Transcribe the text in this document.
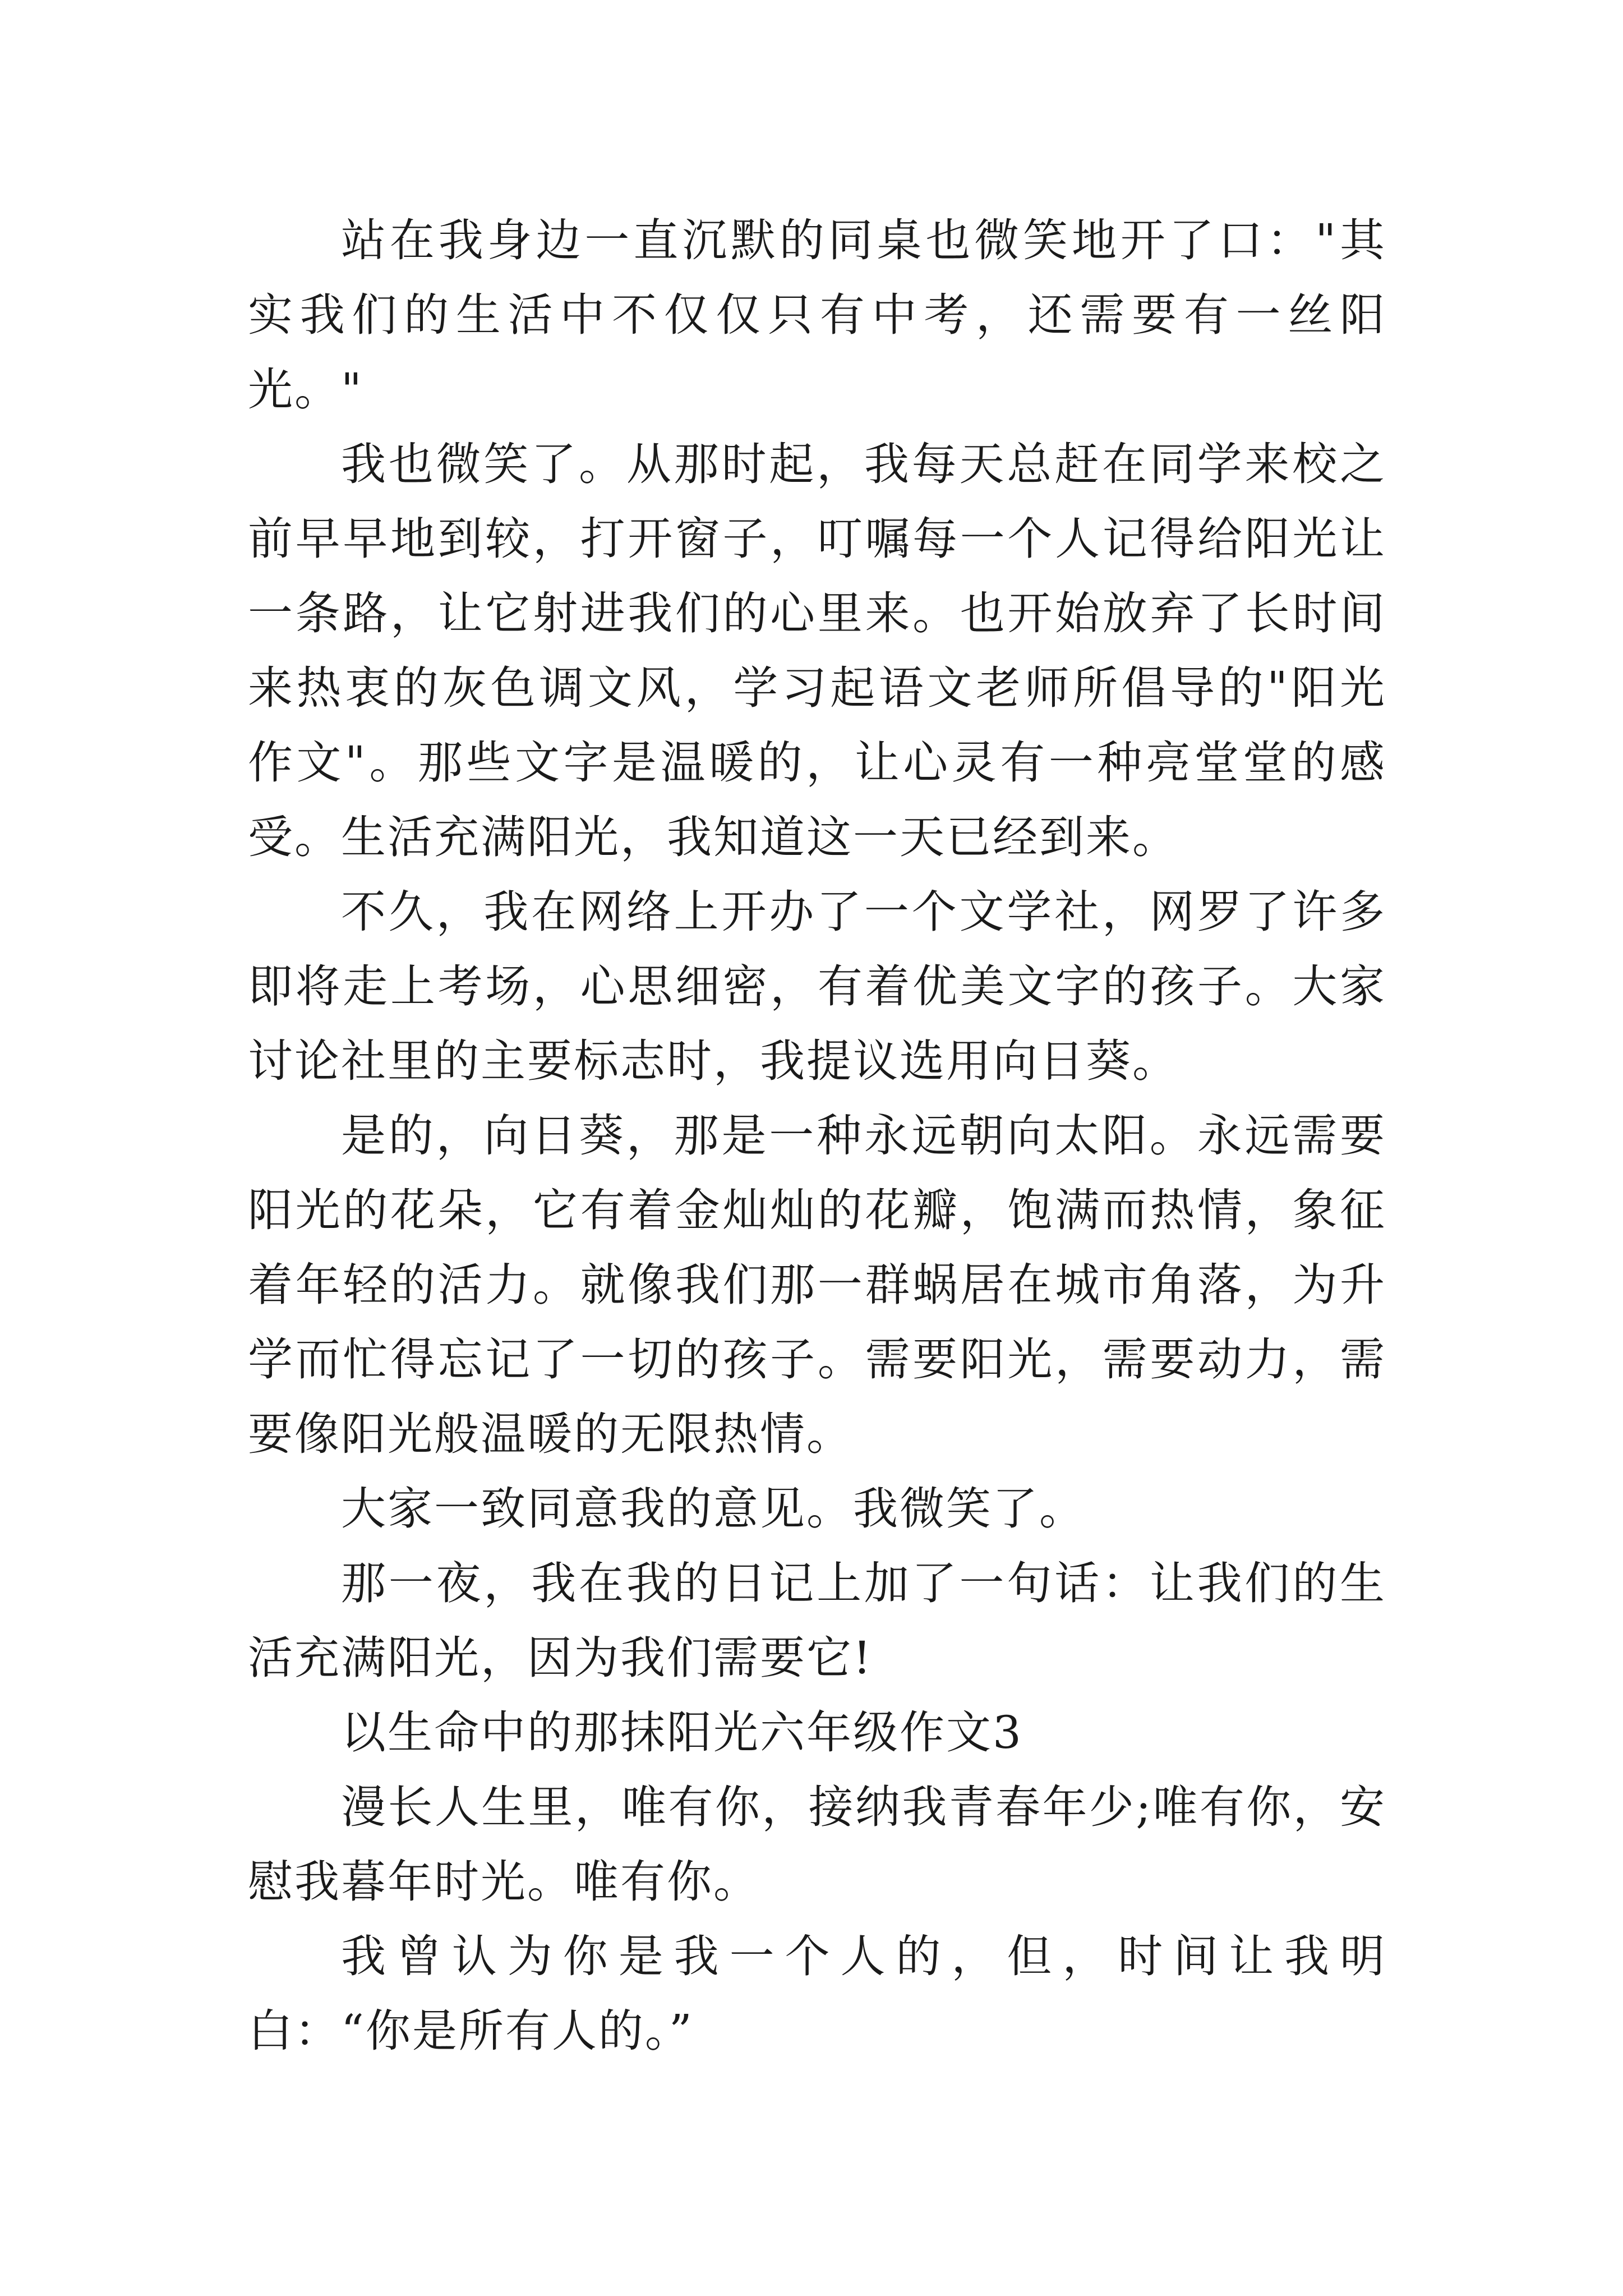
站在我身边一直沉默的同桌也微笑地开了口："其实我们的生活中不仅仅只有中考，还需要有一丝阳光。"

我也微笑了。从那时起，我每天总赶在同学来校之前早早地到较，打开窗子，叮嘱每一个人记得给阳光让一条路，让它射进我们的心里来。也开始放弃了长时间来热衷的灰色调文风，学习起语文老师所倡导的"阳光作文"。那些文字是温暖的，让心灵有一种亮堂堂的感受。生活充满阳光，我知道这一天已经到来。

不久，我在网络上开办了一个文学社，网罗了许多即将走上考场，心思细密，有着优美文字的孩子。大家讨论社里的主要标志时，我提议选用向日葵。

是的，向日葵，那是一种永远朝向太阳。永远需要阳光的花朵，它有着金灿灿的花瓣，饱满而热情，象征着年轻的活力。就像我们那一群蜗居在城市角落，为升学而忙得忘记了一切的孩子。需要阳光，需要动力，需要像阳光般温暖的无限热情。

大家一致同意我的意见。我微笑了。

那一夜，我在我的日记上加了一句话：让我们的生活充满阳光，因为我们需要它!

以生命中的那抹阳光六年级作文3

漫长人生里，唯有你，接纳我青春年少;唯有你，安慰我暮年时光。唯有你。

我曾认为你是我一个人的，但，时间让我明白：“你是所有人的。”
